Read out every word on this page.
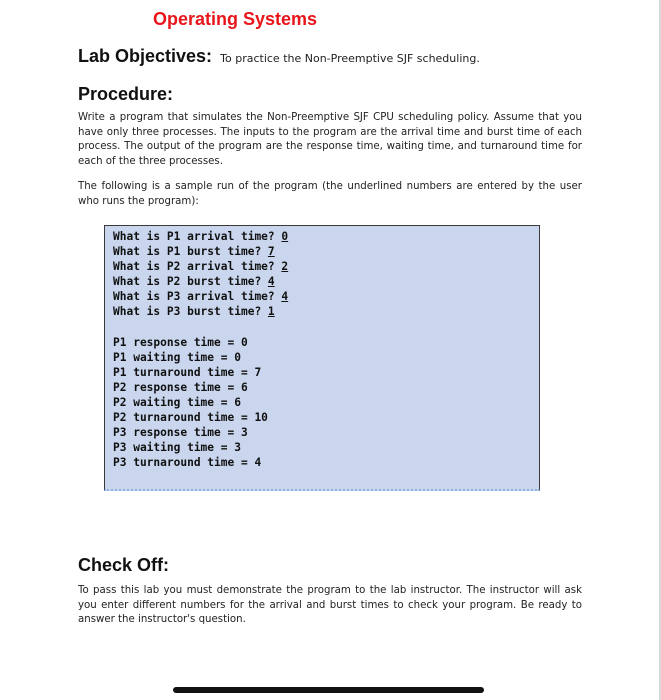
Operating Systems
Lab Objectives: To practice the Non-Preemptive SJF scheduling.
Procedure:

Write a program that simulates the Non-Preemptive SJF CPU scheduling policy. Assume that you have only three processes. The inputs to the program are the arrival time and burst time of each process. The output of the program are the response time, waiting time, and turnaround time for each of the three processes.

The following is a sample run of the program (the underlined numbers are entered by the user who runs the program):

What is P1 arrival time? 0
What is P1 burst time? 7
What is P2 arrival time? 2
What is P2 burst time? 4
What is P3 arrival time? 4
What is P3 burst time? 1
P1 response time = 0
P1 waiting time = 0
P1 turnaround time = 7
P2 response time = 6
P2 waiting time = 6
P2 turnaround time = 10
P3 response time = 3
P3 waiting time = 3
P3 turnaround time = 4
Check Off:

To pass this lab you must demonstrate the program to the lab instructor. The instructor will ask you enter different numbers for the arrival and burst times to check your program. Be ready to answer the instructor's question.
